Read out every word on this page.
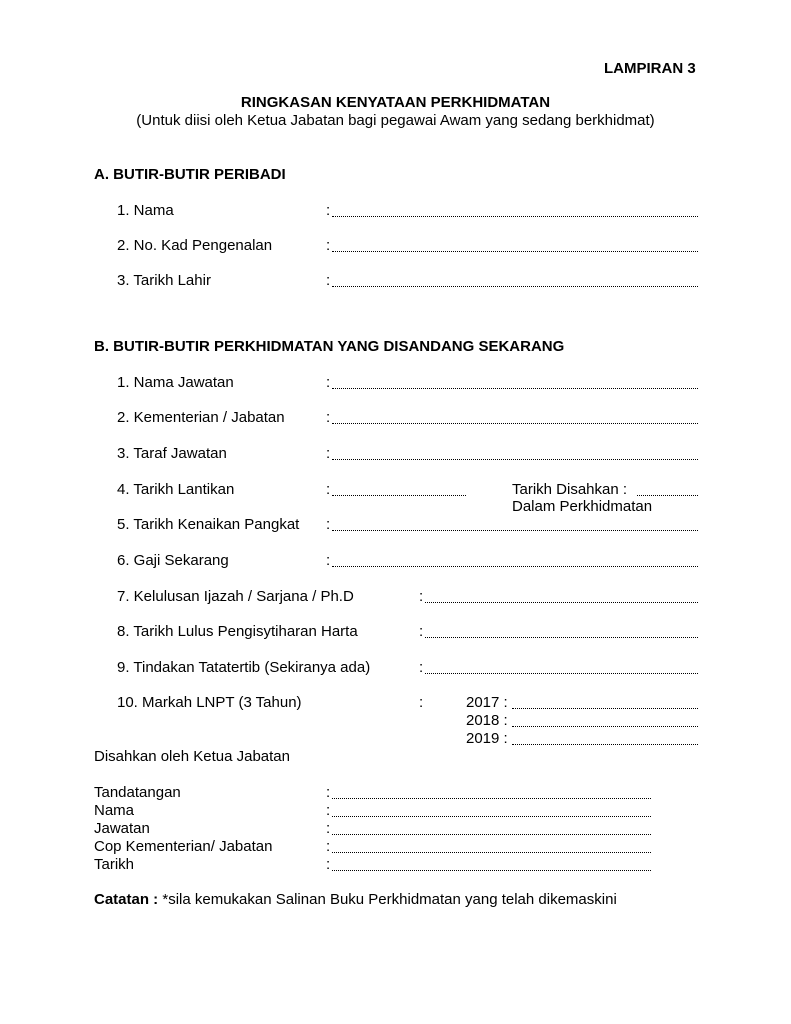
LAMPIRAN 3
RINGKASAN KENYATAAN PERKHIDMATAN
(Untuk diisi oleh Ketua Jabatan bagi pegawai Awam yang sedang berkhidmat)
A. BUTIR-BUTIR PERIBADI
1. Nama	:
2. No. Kad Pengenalan	:
3. Tarikh Lahir	:
B. BUTIR-BUTIR PERKHIDMATAN YANG DISANDANG SEKARANG
1. Nama Jawatan	:
2. Kementerian / Jabatan	:
3. Taraf Jawatan	:
4. Tarikh Lantikan	:	Tarikh Disahkan :
Dalam Perkhidmatan
5. Tarikh Kenaikan Pangkat :
6. Gaji Sekarang	:
7. Kelulusan Ijazah / Sarjana / Ph.D	:
8. Tarikh Lulus Pengisytiharan Harta	:
9. Tindakan Tatatertib (Sekiranya ada)	:
10. Markah LNPT (3 Tahun)	:	2017 :
2018 :
2019 :
Disahkan oleh Ketua Jabatan
Tandatangan	:
Nama	:
Jawatan	:
Cop Kementerian/ Jabatan	:
Tarikh	:
Catatan : *sila kemukakan Salinan Buku Perkhidmatan yang telah dikemaskini
